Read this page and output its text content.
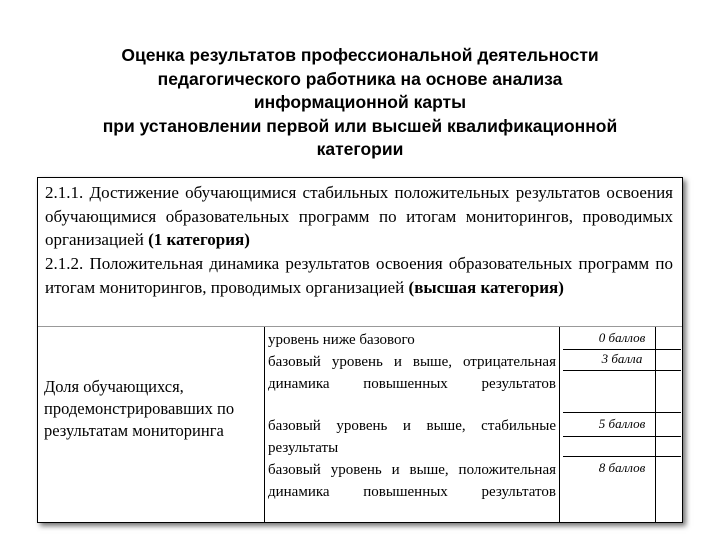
Оценка результатов профессиональной деятельности
педагогического работника на основе анализа
информационной карты
при установлении первой или высшей квалификационной
категории

2.1.1. Достижение обучающимися стабильных положительных результатов освоения обучающимися образовательных программ по итогам мониторингов, проводимых организацией (1 категория)

2.1.2. Положительная динамика результатов освоения образовательных программ по итогам мониторингов, проводимых организацией (высшая категория)

Доля обучающихся, продемонстрировавших по результатам мониторинга
уровень ниже базового
базовый уровень и выше, отрицательная динамика повышенных результатов
базовый уровень и выше, стабильные результаты
базовый уровень и выше, положительная динамика повышенных результатов
0 баллов
3 балла
5 баллов
8 баллов
